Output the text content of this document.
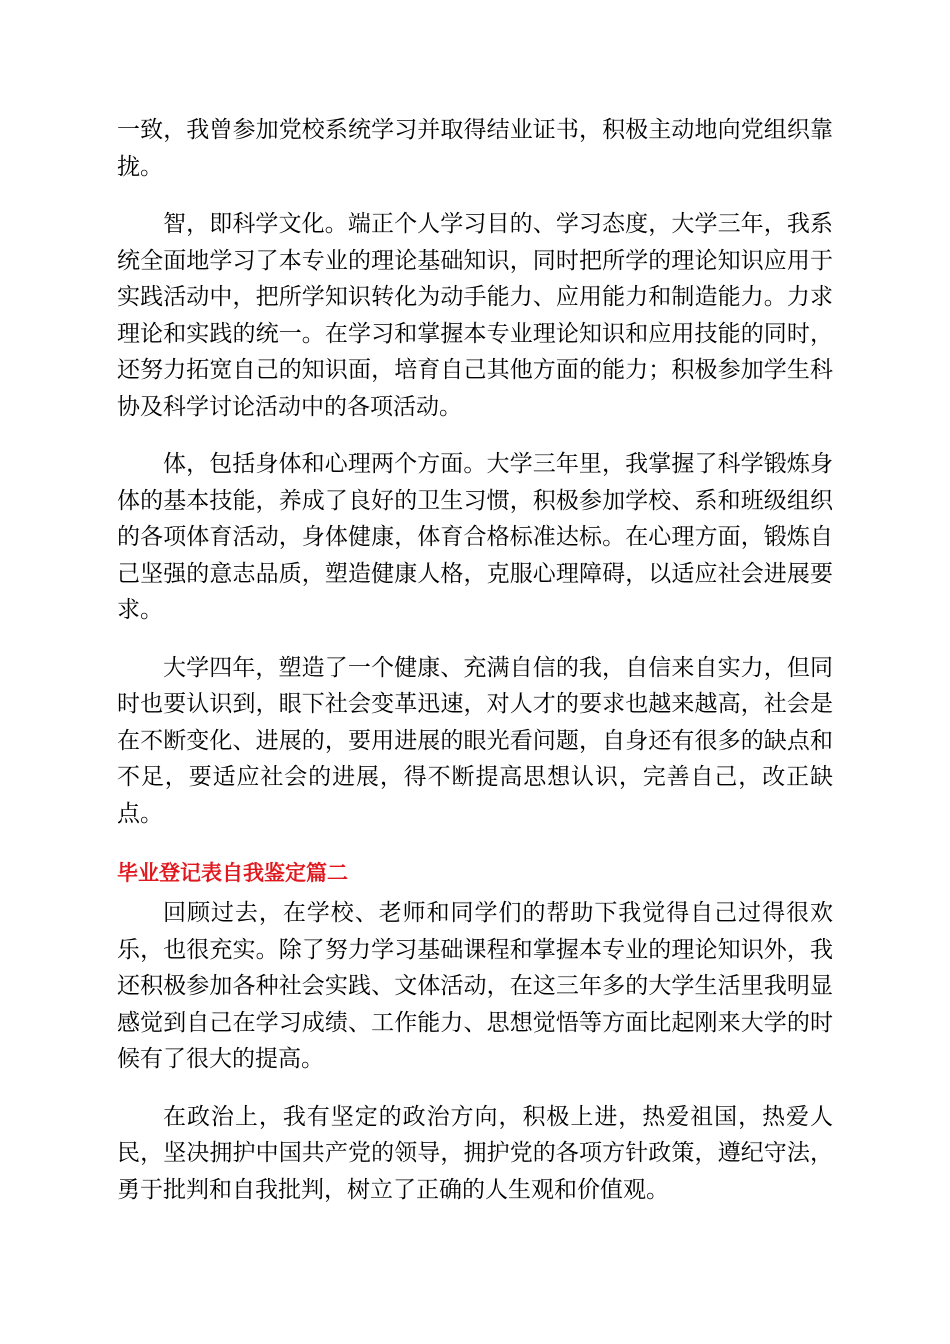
一致，我曾参加党校系统学习并取得结业证书，积极主动地向党组织靠拢。

智，即科学文化。端正个人学习目的、学习态度，大学三年，我系统全面地学习了本专业的理论基础知识，同时把所学的理论知识应用于实践活动中，把所学知识转化为动手能力、应用能力和制造能力。力求理论和实践的统一。在学习和掌握本专业理论知识和应用技能的同时，还努力拓宽自己的知识面，培育自己其他方面的能力；积极参加学生科协及科学讨论活动中的各项活动。

体，包括身体和心理两个方面。大学三年里，我掌握了科学锻炼身体的基本技能，养成了良好的卫生习惯，积极参加学校、系和班级组织的各项体育活动，身体健康，体育合格标准达标。在心理方面，锻炼自己坚强的意志品质，塑造健康人格，克服心理障碍，以适应社会进展要求。

大学四年，塑造了一个健康、充满自信的我，自信来自实力，但同时也要认识到，眼下社会变革迅速，对人才的要求也越来越高，社会是在不断变化、进展的，要用进展的眼光看问题，自身还有很多的缺点和不足，要适应社会的进展，得不断提高思想认识，完善自己，改正缺点。

毕业登记表自我鉴定篇二

回顾过去，在学校、老师和同学们的帮助下我觉得自己过得很欢乐，也很充实。除了努力学习基础课程和掌握本专业的理论知识外，我还积极参加各种社会实践、文体活动，在这三年多的大学生活里我明显感觉到自己在学习成绩、工作能力、思想觉悟等方面比起刚来大学的时候有了很大的提高。

在政治上，我有坚定的政治方向，积极上进，热爱祖国，热爱人民，坚决拥护中国共产党的领导，拥护党的各项方针政策，遵纪守法，勇于批判和自我批判，树立了正确的人生观和价值观。
